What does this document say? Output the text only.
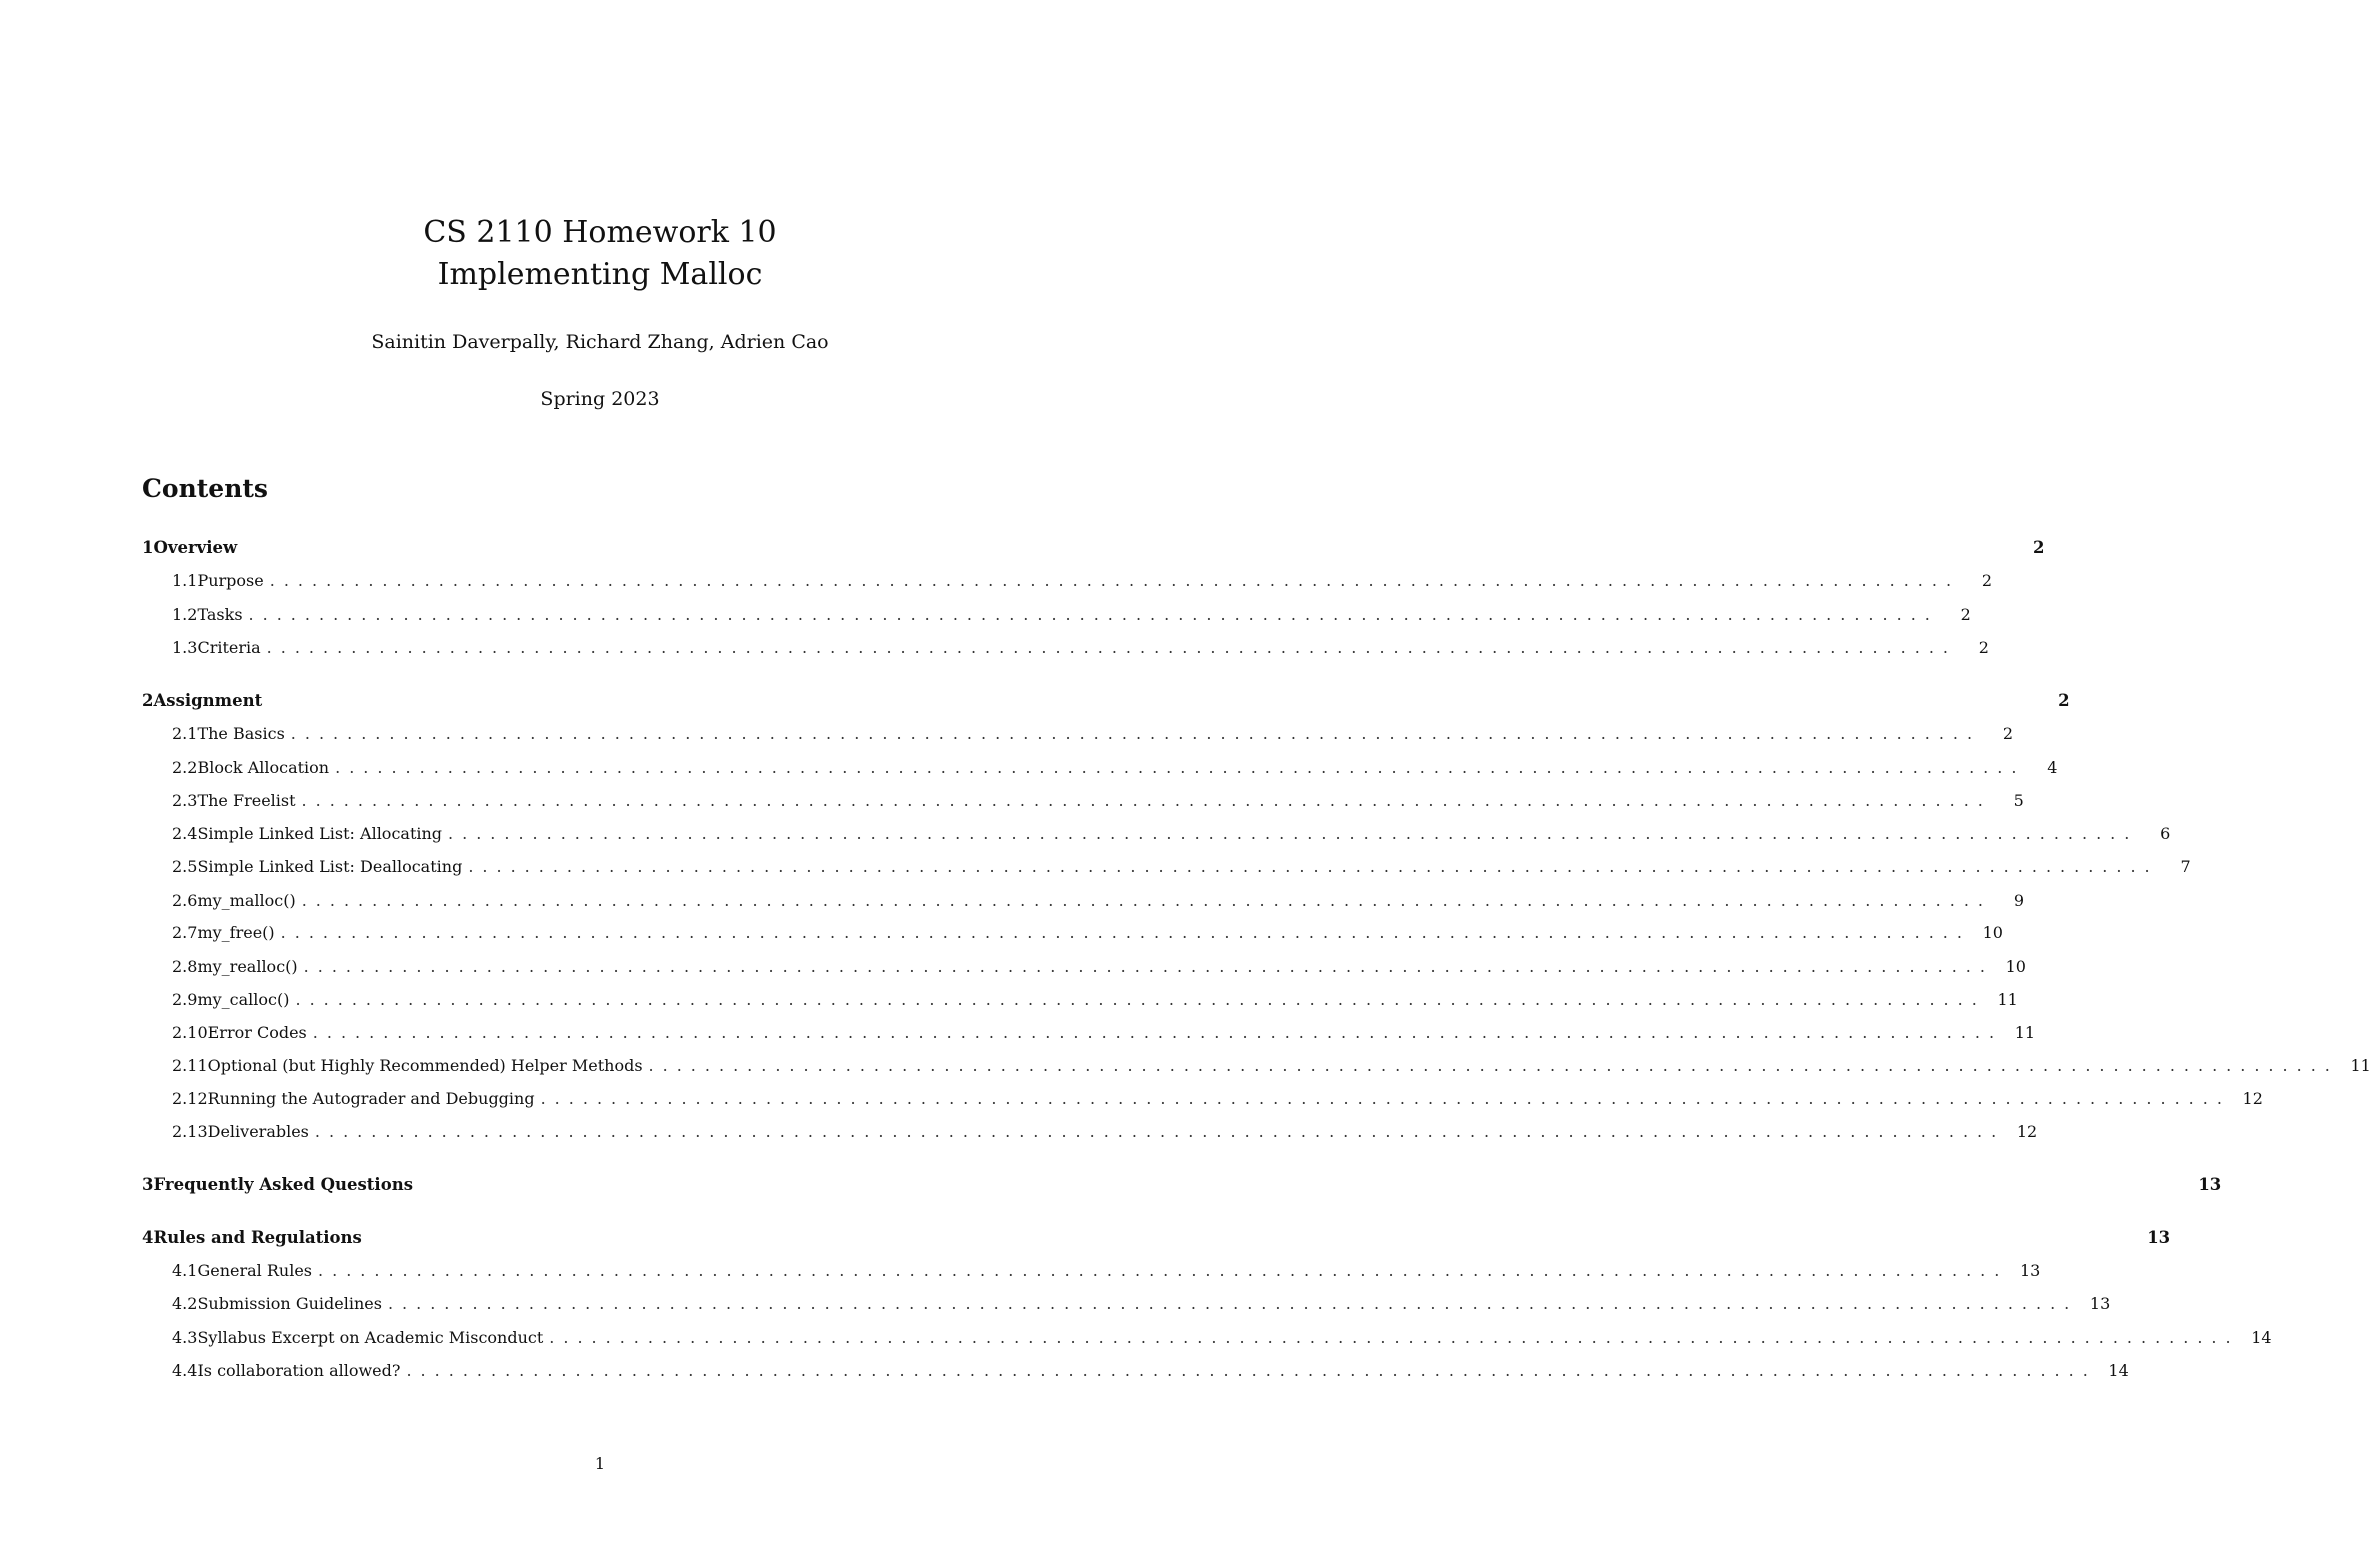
CS 2110 Homework 10
Implementing Malloc
Sainitin Daverpally, Richard Zhang, Adrien Cao
Spring 2023
Contents
1 Overview	2
1.1 Purpose ........................................................................................................................	2
1.2 Tasks ........................................................................................................................	2
1.3 Criteria ........................................................................................................................	2
2 Assignment	2
2.1 The Basics ........................................................................................................................	2
2.2 Block Allocation ........................................................................................................................	4
2.3 The Freelist ........................................................................................................................	5
2.4 Simple Linked List: Allocating ........................................................................................................................	6
2.5 Simple Linked List: Deallocating ........................................................................................................................	7
2.6 my_malloc() ........................................................................................................................	9
2.7 my_free() ........................................................................................................................ 10
2.8 my_realloc() ........................................................................................................................ 10
2.9 my_calloc() ........................................................................................................................ 11
2.10 Error Codes ........................................................................................................................ 11
2.11 Optional (but Highly Recommended) Helper Methods ........................................................................................................................ 11
2.12 Running the Autograder and Debugging ........................................................................................................................ 12
2.13 Deliverables ........................................................................................................................ 12
3 Frequently Asked Questions	13
4 Rules and Regulations	13
4.1 General Rules ........................................................................................................................ 13
4.2 Submission Guidelines ........................................................................................................................ 13
4.3 Syllabus Excerpt on Academic Misconduct ........................................................................................................................ 14
4.4 Is collaboration allowed? ........................................................................................................................ 14
1
